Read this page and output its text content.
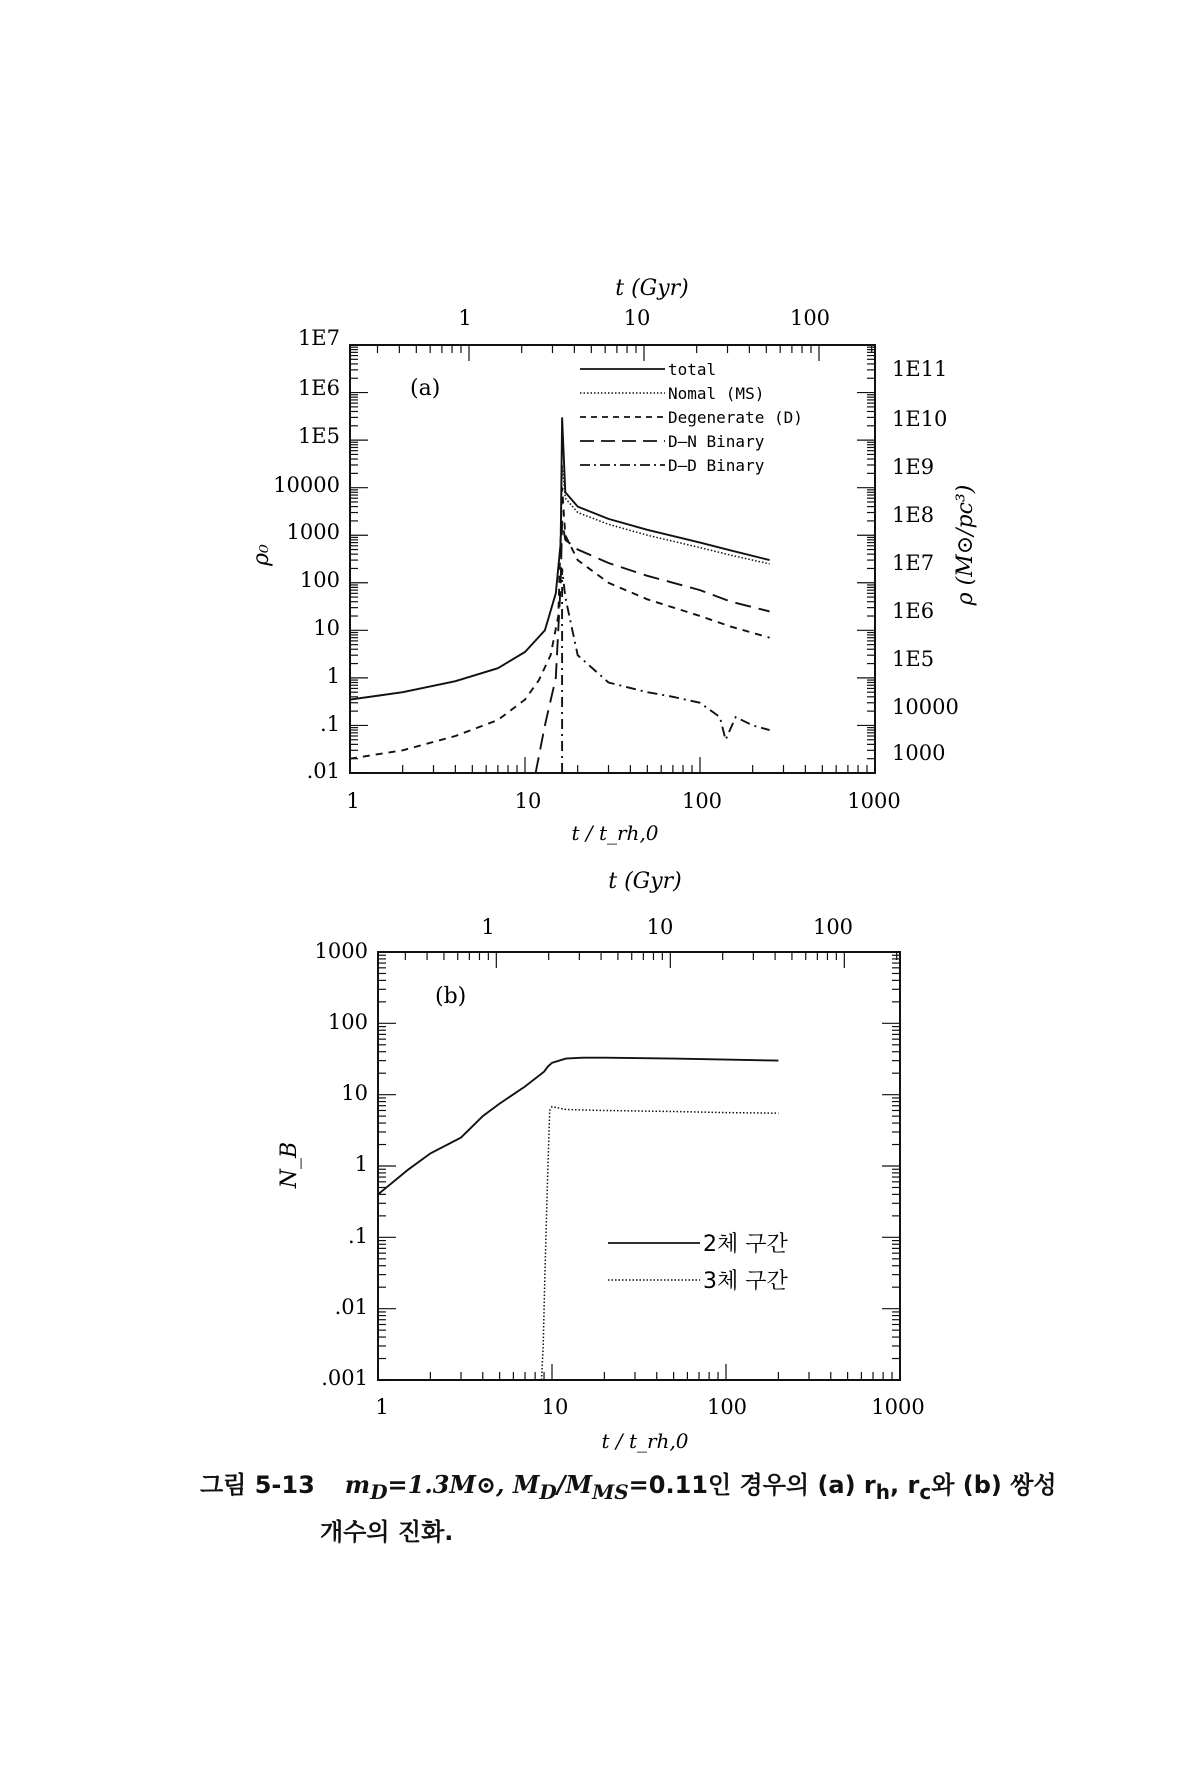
1	10	100
t (Gyr)
1	10	100	1000
t / t_rh,0
1E7
1E6
1E5
10000
1000
100
10
1
.1
.01
ρ₀
1E11
1E10
1E9
1E8
1E7
1E6
1E5
10000
1000
ρ (M⊙/pc³)
(a)
total
Nomal (MS)
Degenerate (D)
D–N Binary
D–D Binary
1	10	100
t (Gyr)
1	10	100	1000
t / t_rh,0
1000
100
10
1
.1
.01
.001
N_B
(b)
2체 구간
3체 구간
그림 5-13 $m_D=1.3M⊙$, $M_D/M_{MS}=0.11$인 경우의 (a) $r_h$, $r_c$와 (b) 쌍성
개수의 진화.
